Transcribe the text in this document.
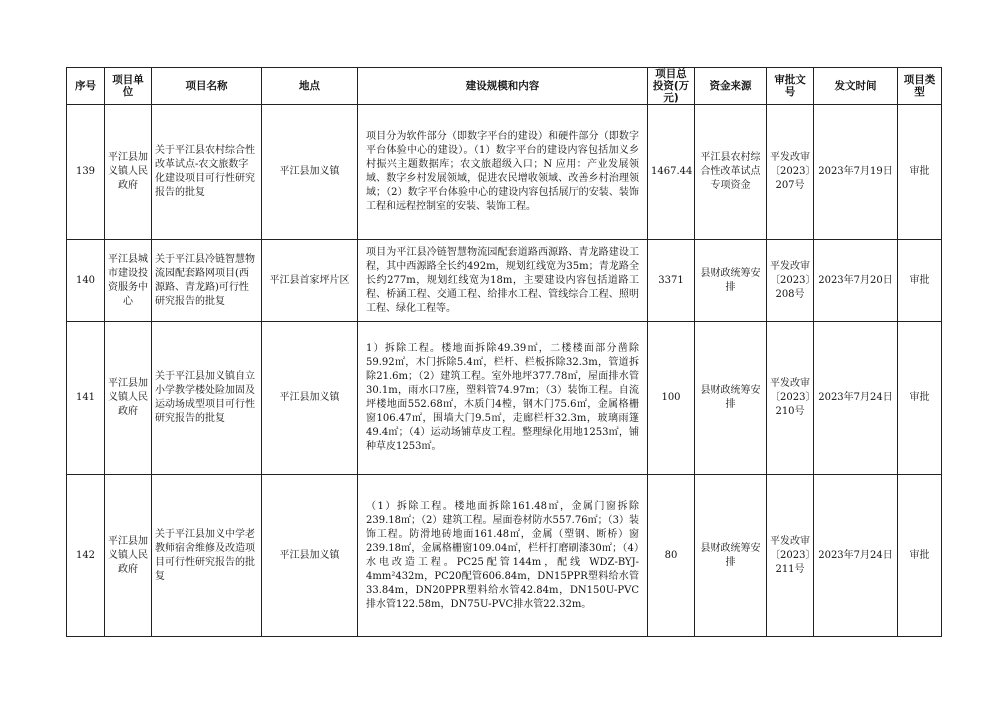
序号	项目单位	项目名称	地点	建设规模和内容	项目总投资(万元)	资金来源	审批文号	发文时间	项目类型
139	平江县加义镇人民政府	关于平江县农村综合性改革试点-农文旅数字化建设项目可行性研究报告的批复	平江县加义镇	项目分为软件部分（即数字平台的建设）和硬件部分（即数字平台体验中心的建设）。（1）数字平台的建设内容包括加义乡村振兴主题数据库；农文旅超级入口；N 应用：产业发展领域、数字乡村发展领域，促进农民增收领域、改善乡村治理领域；（2）数字平台体验中心的建设内容包括展厅的安装、装饰工程和远程控制室的安装、装饰工程。	1467.44	平江县农村综合性改革试点专项资金	平发改审〔2023〕207号	2023年7月19日	审批
140	平江县城市建设投资服务中心	关于平江县冷链智慧物流园配套路网项目(西源路、青龙路)可行性研究报告的批复	平江县首家坪片区	项目为平江县冷链智慧物流园配套道路西源路、青龙路建设工程，其中西源路全长约492m，规划红线宽为35m；青龙路全长约277m，规划红线宽为18m，主要建设内容包括道路工程、桥涵工程、交通工程、给排水工程、管线综合工程、照明工程、绿化工程等。	3371	县财政统筹安排	平发改审〔2023〕208号	2023年7月20日	审批
141	平江县加义镇人民政府	关于平江县加义镇自立小学教学楼处险加固及运动场成型项目可行性研究报告的批复	平江县加义镇	1）拆除工程。楼地面拆除49.39㎡，二楼楼面部分凿除59.92㎡，木门拆除5.4㎡，栏杆、栏板拆除32.3m，管道拆除21.6m；（2）建筑工程。室外地坪377.78㎡，屋面排水管30.1m，雨水口7座，塑料管74.97m；（3）装饰工程。自流坪楼地面552.68㎡，木质门4樘，钢木门75.6㎡，金属格栅窗106.47㎡，围墙大门9.5㎡，走廊栏杆32.3m，玻璃雨篷49.4㎡；（4）运动场铺草皮工程。整理绿化用地1253㎡，铺种草皮1253㎡。	100	县财政统筹安排	平发改审〔2023〕210号	2023年7月24日	审批
142	平江县加义镇人民政府	关于平江县加义中学老教师宿舍维修及改造项目可行性研究报告的批复	平江县加义镇	（1）拆除工程。楼地面拆除161.48㎡，金属门窗拆除239.18㎡；（2）建筑工程。屋面卷材防水557.76㎡；（3）装饰工程。防滑地砖地面161.48㎡，金属（塑钢、断桥）窗239.18㎡，金属格栅窗109.04㎡，栏杆打磨刷漆30㎡；（4）水电改造工程。PC25配管144m，配线 WDZ-BYJ-4mm²432m，PC20配管606.84m，DN15PPR塑料给水管33.84m，DN20PPR塑料给水管42.84m，DN150U-PVC排水管122.58m，DN75U-PVC排水管22.32m。	80	县财政统筹安排	平发改审〔2023〕211号	2023年7月24日	审批
